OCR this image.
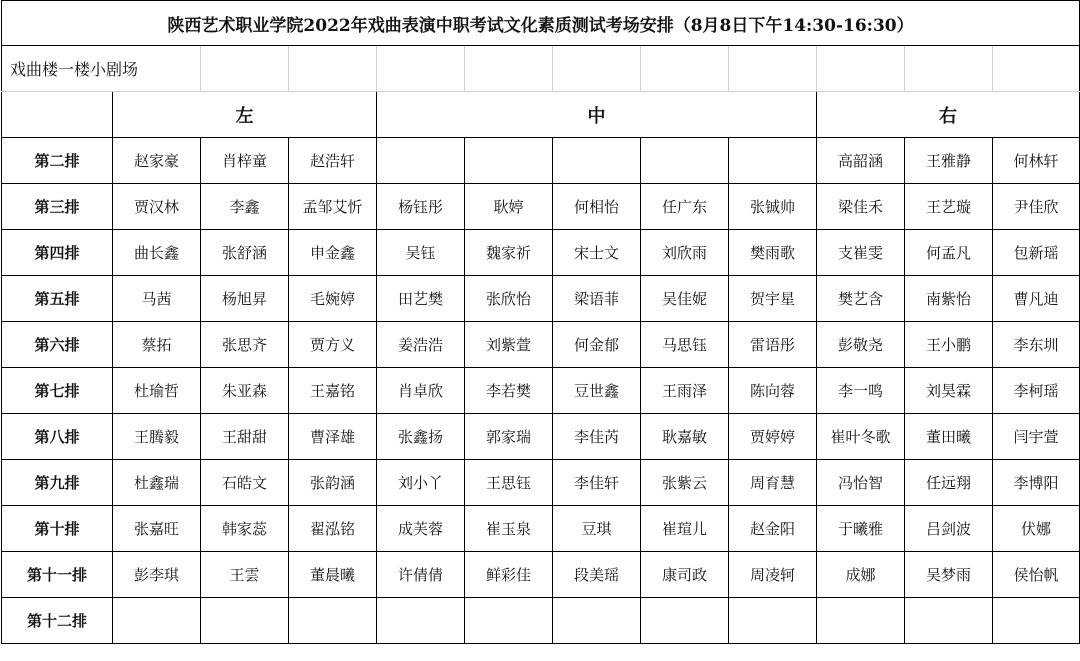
陕西艺术职业学院2022年戏曲表演中职考试文化素质测试考场安排（8月8日下午14:30-16:30）											
戏曲楼一楼小剧场											
	左			中					右		
第二排	赵家豪	肖梓童	赵浩轩						高韶涵	王雅静	何林轩
第三排	贾汉林	李鑫	孟邹艾忻	杨钰彤	耿婷	何相怡	任广东	张铖帅	梁佳禾	王艺璇	尹佳欣
第四排	曲长鑫	张舒涵	申金鑫	吴钰	魏家祈	宋士文	刘欣雨	樊雨歌	支崔雯	何孟凡	包新瑶
第五排	马茜	杨旭昇	毛婉婷	田艺樊	张欣怡	梁语菲	吴佳妮	贺宇星	樊艺含	南紫怡	曹凡迪
第六排	蔡拓	张思齐	贾方义	姜浩浩	刘紫萱	何金郁	马思钰	雷语彤	彭敬尧	王小鹏	李东圳
第七排	杜瑜哲	朱亚森	王嘉铭	肖卓欣	李若樊	豆世鑫	王雨泽	陈向蓉	李一鸣	刘昊霖	李柯瑶
第八排	王腾毅	王甜甜	曹泽雄	张鑫扬	郭家瑞	李佳芮	耿嘉敏	贾婷婷	崔叶冬歌	董田曦	闫宇萱
第九排	杜鑫瑞	石皓文	张韵涵	刘小丫	王思钰	李佳轩	张紫云	周育慧	冯怡智	任远翔	李博阳
第十排	张嘉旺	韩家蕊	翟泓铭	成芙蓉	崔玉泉	豆琪	崔瑄儿	赵金阳	于曦雅	吕剑波	伏娜
第十一排	彭李琪	王雲	董晨曦	许倩倩	鲜彩佳	段美瑶	康司政	周凌轲	成娜	吴梦雨	侯怡帆
第十二排											
